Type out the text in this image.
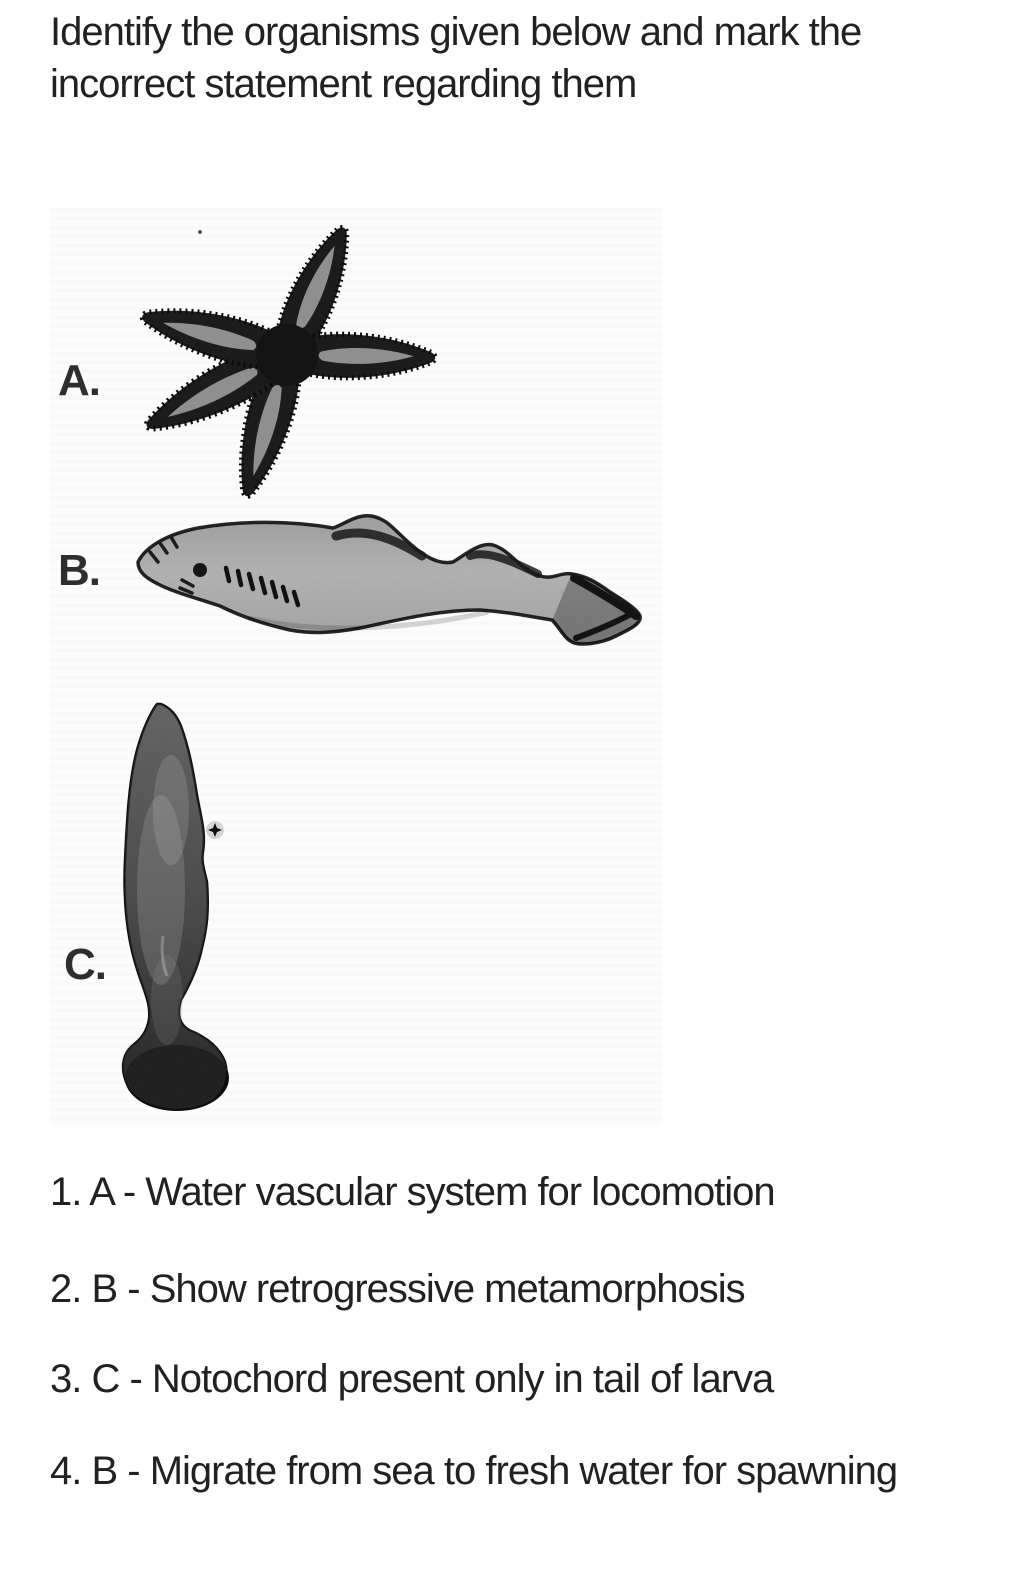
Identify the organisms given below and mark the incorrect statement regarding them
A.
B.
C.

1. A - Water vascular system for locomotion

2. B - Show retrogressive metamorphosis

3. C - Notochord present only in tail of larva

4. B - Migrate from sea to fresh water for spawning
